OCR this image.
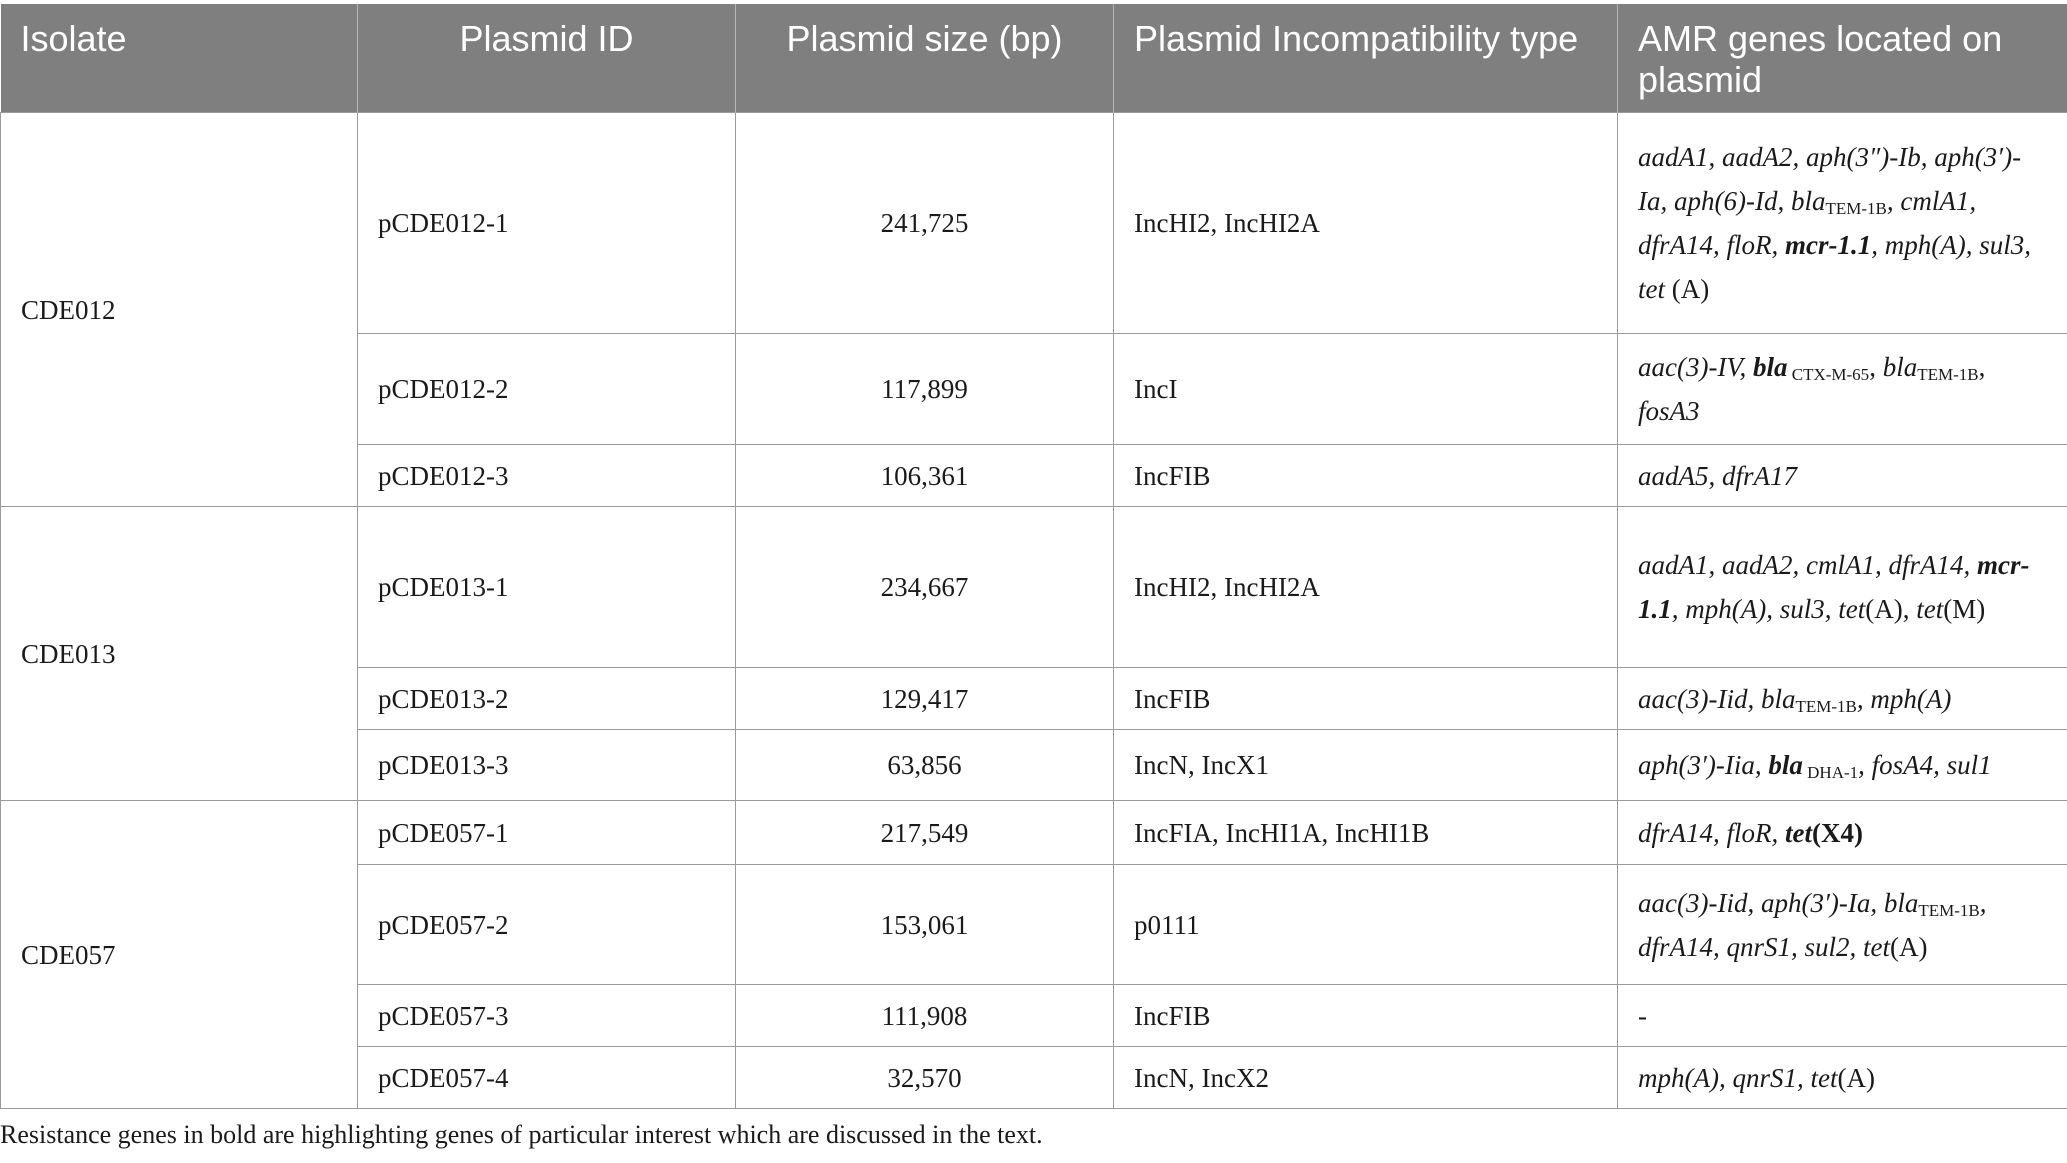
Isolate	Plasmid ID	Plasmid size (bp)	Plasmid Incompatibility type	AMR genes located on plasmid
CDE012	pCDE012-1	241,725	IncHI2, IncHI2A	aadA1, aadA2, aph(3″)-Ib, aph(3′)-Ia, aph(6)-Id, bla$_{TEM-1B}$, cmlA1, dfrA14, floR, mcr-1.1, mph(A), sul3, tet (A)
	pCDE012-2	117,899	IncI	aac(3)-IV, bla $_{CTX-M-65}$, bla$_{TEM-1B}$, fosA3
	pCDE012-3	106,361	IncFIB	aadA5, dfrA17
CDE013	pCDE013-1	234,667	IncHI2, IncHI2A	aadA1, aadA2, cmlA1, dfrA14, mcr-1.1, mph(A), sul3, tet(A), tet(M)
	pCDE013-2	129,417	IncFIB	aac(3)-Iid, bla$_{TEM-1B}$, mph(A)
	pCDE013-3	63,856	IncN, IncX1	aph(3′)-Iia, bla $_{DHA-1}$, fosA4, sul1
CDE057	pCDE057-1	217,549	IncFIA, IncHI1A, IncHI1B	dfrA14, floR, tet(X4)
	pCDE057-2	153,061	p0111	aac(3)-Iid, aph(3′)-Ia, bla$_{TEM-1B}$, dfrA14, qnrS1, sul2, tet(A)
	pCDE057-3	111,908	IncFIB	-
	pCDE057-4	32,570	IncN, IncX2	mph(A), qnrS1, tet(A)
Resistance genes in bold are highlighting genes of particular interest which are discussed in the text.
